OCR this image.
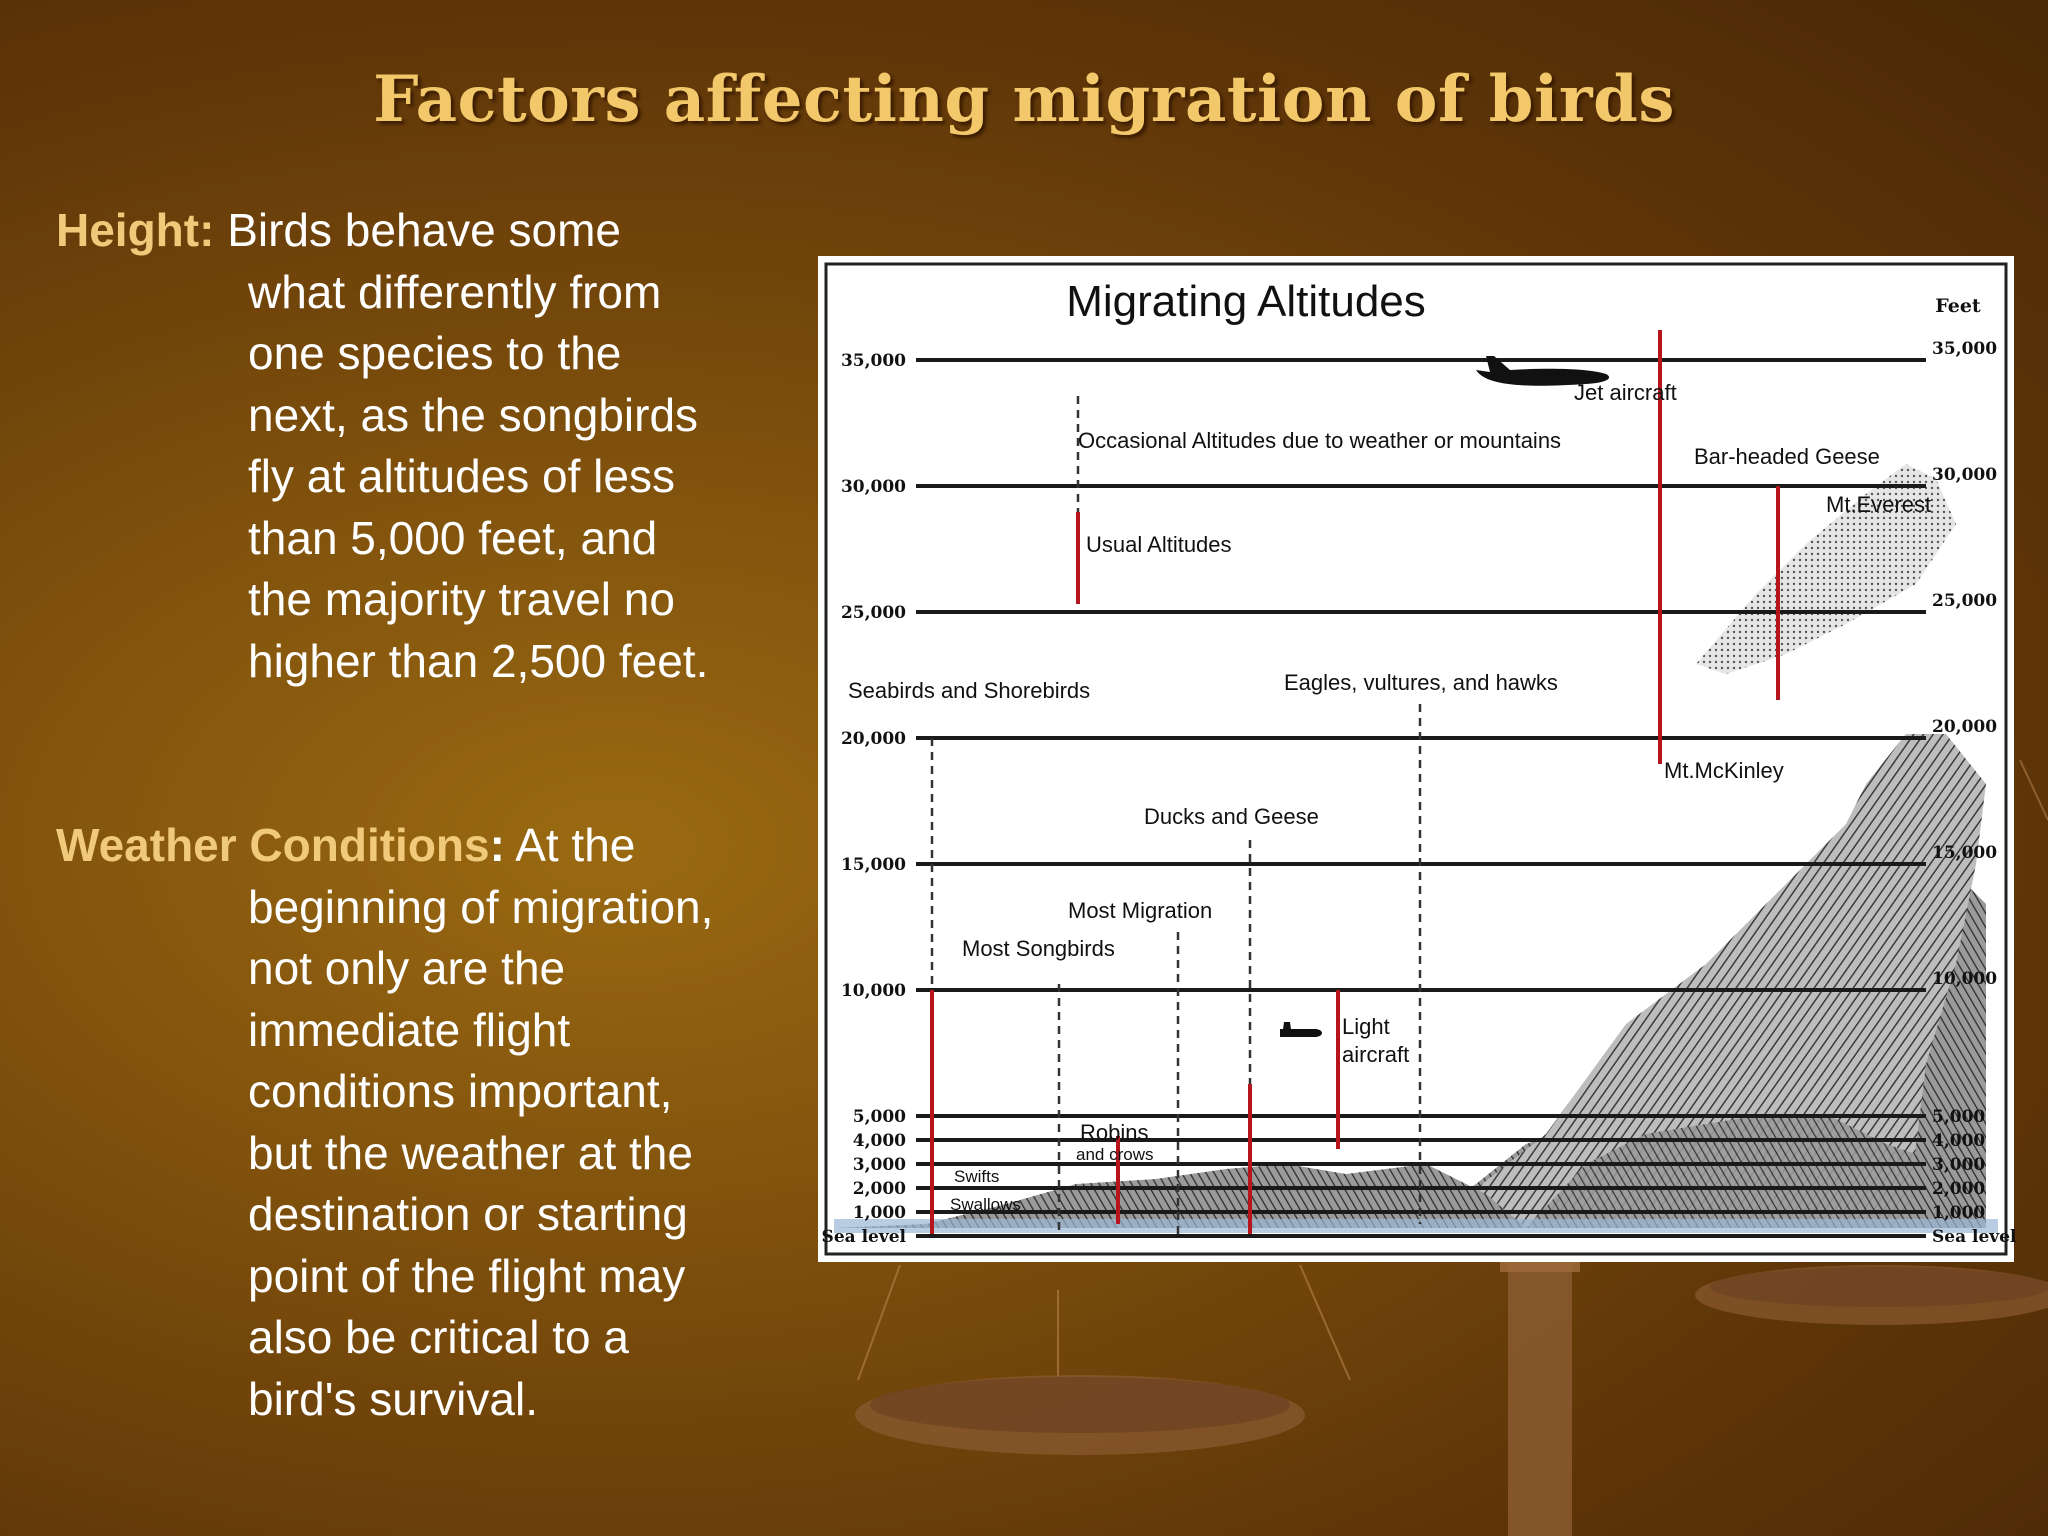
Factors affecting migration of birds
Height: Birds behave some
what differently from
one species to the
next, as the songbirds
fly at altitudes of less
than 5,000 feet, and
the majority travel no
higher than 2,500 feet.
Weather Conditions: At the
beginning of migration,
not only are the
immediate flight
conditions important,
but the weather at the
destination or starting
point of the flight may
also be critical to a
bird's survival.
Migrating Altitudes	Feet
35,000
30,000
25,000
20,000
15,000
10,000
5,000
4,000
3,000
2,000
1,000
Sea level
35,000
30,000
25,000
20,000
15,000
10,000
5,000
4,000
3,000
2,000
1,000
Sea level
Jet aircraft
Occasional Altitudes due to weather or mountains
Usual Altitudes
Bar-headed Geese
Mt.Everest
Seabirds and Shorebirds	Eagles, vultures, and hawks
Mt.McKinley
Ducks and Geese
Most Migration
Most Songbirds
Light
aircraft
Robins
and crows
Swifts
Swallows
